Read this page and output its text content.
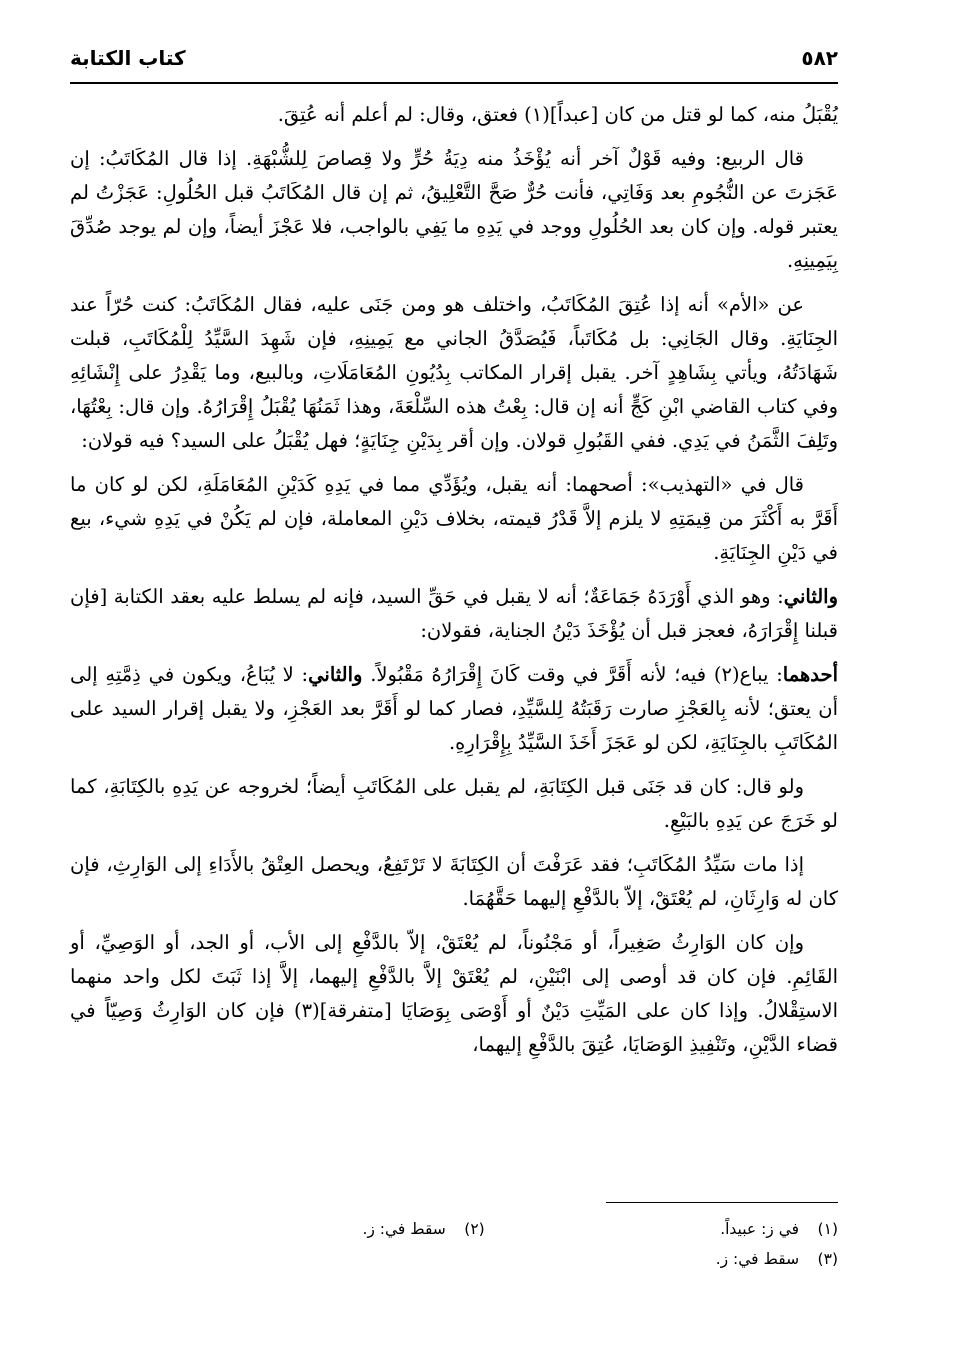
٥٨٢
كتاب الكتابة

يُقْبَلُ منه، كما لو قتل من كان [عبداً](١) فعتق، وقال: لم أعلم أنه عُتِقَ.

قال الربيع: وفيه قَوْلٌ آخر أنه يُؤْخَذُ منه دِيَةُ حُرٍّ ولا قِصاصَ لِلشُّبْهَةِ. إذا قال المُكَاتَبُ: إن عَجَزتَ عن النُّجُومِ بعد وَفَاتِي، فأنت حُرٌّ صَحَّ التَّعْلِيقُ، ثم إن قال المُكَاتَبُ قبل الحُلُولِ: عَجَزْتُ لم يعتبر قوله. وإن كان بعد الحُلُولِ ووجد في يَدِهِ ما يَفِي بالواجب، فلا عَجْزَ أيضاً، وإن لم يوجد صُدِّقَ بِيَمِينِهِ.

عن «الأم» أنه إذا عُتِقَ المُكَاتَبُ، واختلف هو ومن جَنَى عليه، فقال المُكَاتَبُ: كنت حُرّاً عند الجِنَايَةِ. وقال الجَانِي: بل مُكَاتَباً، فَيُصَدَّقُ الجاني مع يَمِينِهِ، فإن شَهِدَ السَّيِّدُ لِلْمُكَاتَبِ، قبلت شَهَادَتُهُ، ويأتي بِشَاهِدٍ آخر. يقبل إقرار المكاتب بِدُيُونِ المُعَامَلَاتِ، وبالبيع، وما يَقْدِرُ على إِنْشَائِهِ وفي كتاب القاضي ابْنِ كَجٍّ أنه إن قال: بِعْتُ هذه السِّلْعَةَ، وهذا ثَمَنُهَا يُقْبَلُ إِقْرَارُهُ. وإن قال: بِعْتُهَا، وتَلِفَ الثَّمَنُ في يَدِي. ففي القَبُولِ قولان. وإن أقر بِدَيْنِ جِنَايَةٍ؛ فهل يُقْبَلُ على السيد؟ فيه قولان:

قال في «التهذيب»: أصحهما: أنه يقبل، ويُؤَدِّي مما في يَدِهِ كَدَيْنِ المُعَامَلَةِ، لكن لو كان ما أَقَرَّ به أَكْثَرَ من قِيمَتِهِ لا يلزم إلاَّ قَدْرُ قيمته، بخلاف دَيْنِ المعاملة، فإن لم يَكُنْ في يَدِهِ شيء، بيع في دَيْنِ الجِنَايَةِ.

والثاني: وهو الذي أَوْرَدَهُ جَمَاعَةٌ؛ أنه لا يقبل في حَقِّ السيد، فإنه لم يسلط عليه بعقد الكتابة [فإن قبلنا إِقْرَارَهُ، فعجز قبل أن يُؤْخَذَ دَيْنُ الجناية، فقولان:

أحدهما: يباع(٢) فيه؛ لأنه أَقَرَّ في وقت كَانَ إِقْرَارُهُ مَقْبُولاً. والثاني: لا يُبَاعُ، ويكون في ذِمَّتِهِ إلى أن يعتق؛ لأنه بِالعَجْزِ صارت رَقَبَتُهُ لِلسَّيِّدِ، فصار كما لو أَقَرَّ بعد العَجْزِ، ولا يقبل إقرار السيد على المُكَاتَبِ بالجِنَايَةِ، لكن لو عَجَزَ أَخَذَ السَّيِّدُ بِإِقْرَارِهِ.

ولو قال: كان قد جَنَى قبل الكِتَابَةِ، لم يقبل على المُكَاتَبِ أيضاً؛ لخروجه عن يَدِهِ بالكِتَابَةِ، كما لو خَرَجَ عن يَدِهِ بالبَيْعِ.

إذا مات سَيِّدُ المُكَاتَبِ؛ فقد عَرَفْتَ أن الكِتَابَةَ لا تَرْتَفِعُ، ويحصل العِتْقُ بالأَدَاءِ إلى الوَارِثِ، فإن كان له وَارِثَانِ، لم يُعْتَقْ، إلاّ بالدَّفْعِ إليهما حَقَّهُمَا.

وإن كان الوَارِثُ صَغِيراً، أو مَجْنُوناً، لم يُعْتَقْ، إلاّ بالدَّفْعِ إلى الأب، أو الجد، أو الوَصِيِّ، أو القَائِمِ. فإن كان قد أوصى إلى ابْنَيْنِ، لم يُعْتَقْ إلاَّ بالدَّفْعِ إليهما، إلاَّ إذا ثَبَتَ لكل واحد منهما الاستِقْلالُ. وإذا كان على المَيِّتِ دَيْنٌ أو أَوْصَى بِوَصَايَا [متفرقة](٣) فإن كان الوَارِثُ وَصِيّاً في قضاء الدَّيْنِ، وتَنْفِيذِ الوَصَايَا، عُتِقَ بالدَّفْعِ إليهما،

(١) في ز: عبيداً.
(٢) سقط في: ز.
(٣) سقط في: ز.
